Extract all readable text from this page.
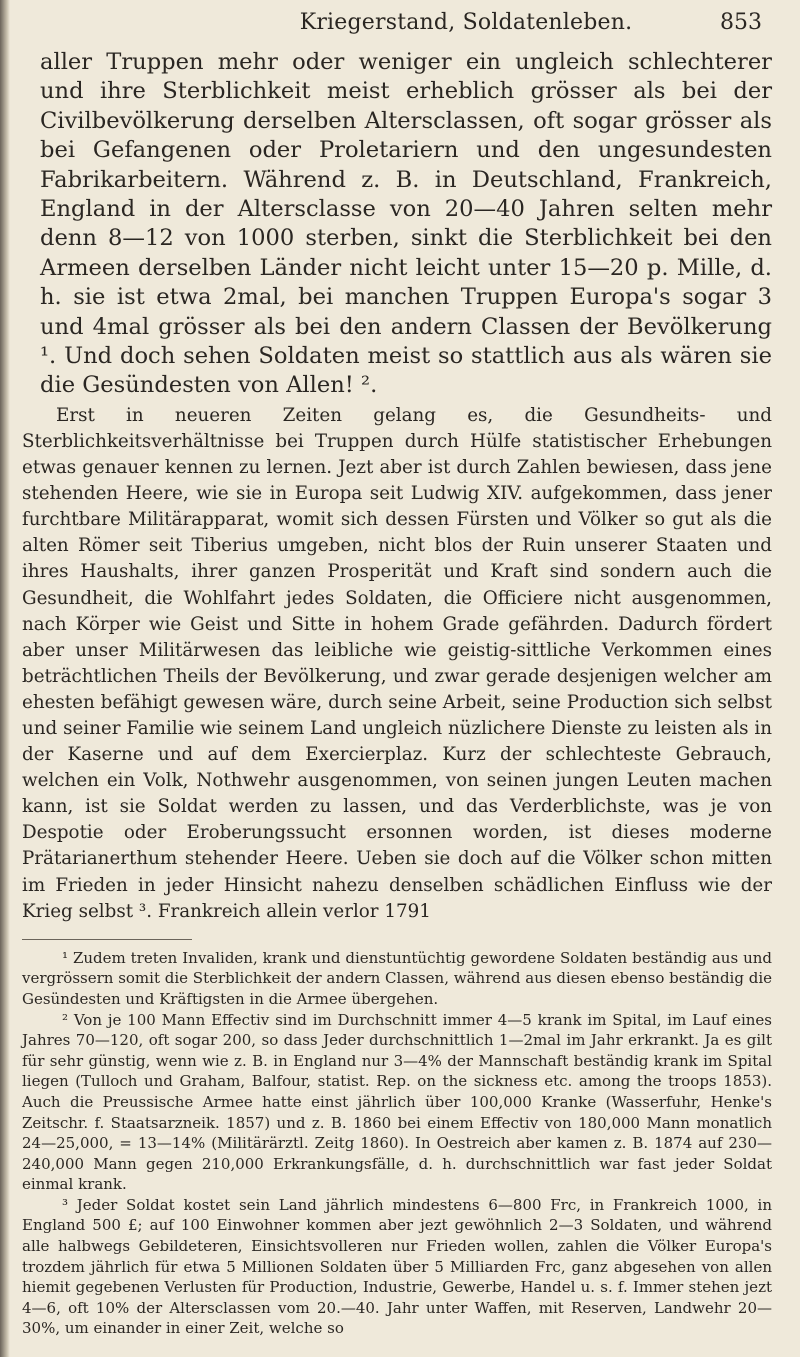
Kriegerstand, Soldatenleben.	853

aller Truppen mehr oder weniger ein ungleich schlechterer und ihre Sterblichkeit meist erheblich grösser als bei der Civilbevölkerung derselben Altersclassen, oft sogar grösser als bei Gefangenen oder Proletariern und den ungesundesten Fabrikarbeitern. Während z. B. in Deutschland, Frankreich, England in der Altersclasse von 20—40 Jahren selten mehr denn 8—12 von 1000 sterben, sinkt die Sterblichkeit bei den Armeen derselben Länder nicht leicht unter 15—20 p. Mille, d. h. sie ist etwa 2mal, bei manchen Truppen Europa's sogar 3 und 4mal grösser als bei den andern Classen der Bevölkerung ¹. Und doch sehen Soldaten meist so stattlich aus als wären sie die Gesündesten von Allen! ².

Erst in neueren Zeiten gelang es, die Gesundheits- und Sterblichkeitsverhältnisse bei Truppen durch Hülfe statistischer Erhebungen etwas genauer kennen zu lernen. Jezt aber ist durch Zahlen bewiesen, dass jene stehenden Heere, wie sie in Europa seit Ludwig XIV. aufgekommen, dass jener furchtbare Militärapparat, womit sich dessen Fürsten und Völker so gut als die alten Römer seit Tiberius umgeben, nicht blos der Ruin unserer Staaten und ihres Haushalts, ihrer ganzen Prosperität und Kraft sind sondern auch die Gesundheit, die Wohlfahrt jedes Soldaten, die Officiere nicht ausgenommen, nach Körper wie Geist und Sitte in hohem Grade gefährden. Dadurch fördert aber unser Militärwesen das leibliche wie geistig-sittliche Verkommen eines beträchtlichen Theils der Bevölkerung, und zwar gerade desjenigen welcher am ehesten befähigt gewesen wäre, durch seine Arbeit, seine Production sich selbst und seiner Familie wie seinem Land ungleich nüzlichere Dienste zu leisten als in der Kaserne und auf dem Exercierplaz. Kurz der schlechteste Gebrauch, welchen ein Volk, Nothwehr ausgenommen, von seinen jungen Leuten machen kann, ist sie Soldat werden zu lassen, und das Verderblichste, was je von Despotie oder Eroberungssucht ersonnen worden, ist dieses moderne Prätarianerthum stehender Heere. Ueben sie doch auf die Völker schon mitten im Frieden in jeder Hinsicht nahezu denselben schädlichen Einfluss wie der Krieg selbst ³. Frankreich allein verlor 1791

¹ Zudem treten Invaliden, krank und dienstuntüchtig gewordene Soldaten beständig aus und vergrössern somit die Sterblichkeit der andern Classen, während aus diesen ebenso beständig die Gesündesten und Kräftigsten in die Armee übergehen.

² Von je 100 Mann Effectiv sind im Durchschnitt immer 4—5 krank im Spital, im Lauf eines Jahres 70—120, oft sogar 200, so dass Jeder durchschnittlich 1—2mal im Jahr erkrankt. Ja es gilt für sehr günstig, wenn wie z. B. in England nur 3—4% der Mannschaft beständig krank im Spital liegen (Tulloch und Graham, Balfour, statist. Rep. on the sickness etc. among the troops 1853). Auch die Preussische Armee hatte einst jährlich über 100,000 Kranke (Wasserfuhr, Henke's Zeitschr. f. Staatsarzneik. 1857) und z. B. 1860 bei einem Effectiv von 180,000 Mann monatlich 24—25,000, = 13—14% (Militärärztl. Zeitg 1860). In Oestreich aber kamen z. B. 1874 auf 230—240,000 Mann gegen 210,000 Erkrankungsfälle, d. h. durchschnittlich war fast jeder Soldat einmal krank.

³ Jeder Soldat kostet sein Land jährlich mindestens 6—800 Frc, in Frankreich 1000, in England 500 £; auf 100 Einwohner kommen aber jezt gewöhnlich 2—3 Soldaten, und während alle halbwegs Gebildeteren, Einsichtsvolleren nur Frieden wollen, zahlen die Völker Europa's trozdem jährlich für etwa 5 Millionen Soldaten über 5 Milliarden Frc, ganz abgesehen von allen hiemit gegebenen Verlusten für Production, Industrie, Gewerbe, Handel u. s. f. Immer stehen jezt 4—6, oft 10% der Altersclassen vom 20.—40. Jahr unter Waffen, mit Reserven, Landwehr 20—30%, um einander in einer Zeit, welche so
